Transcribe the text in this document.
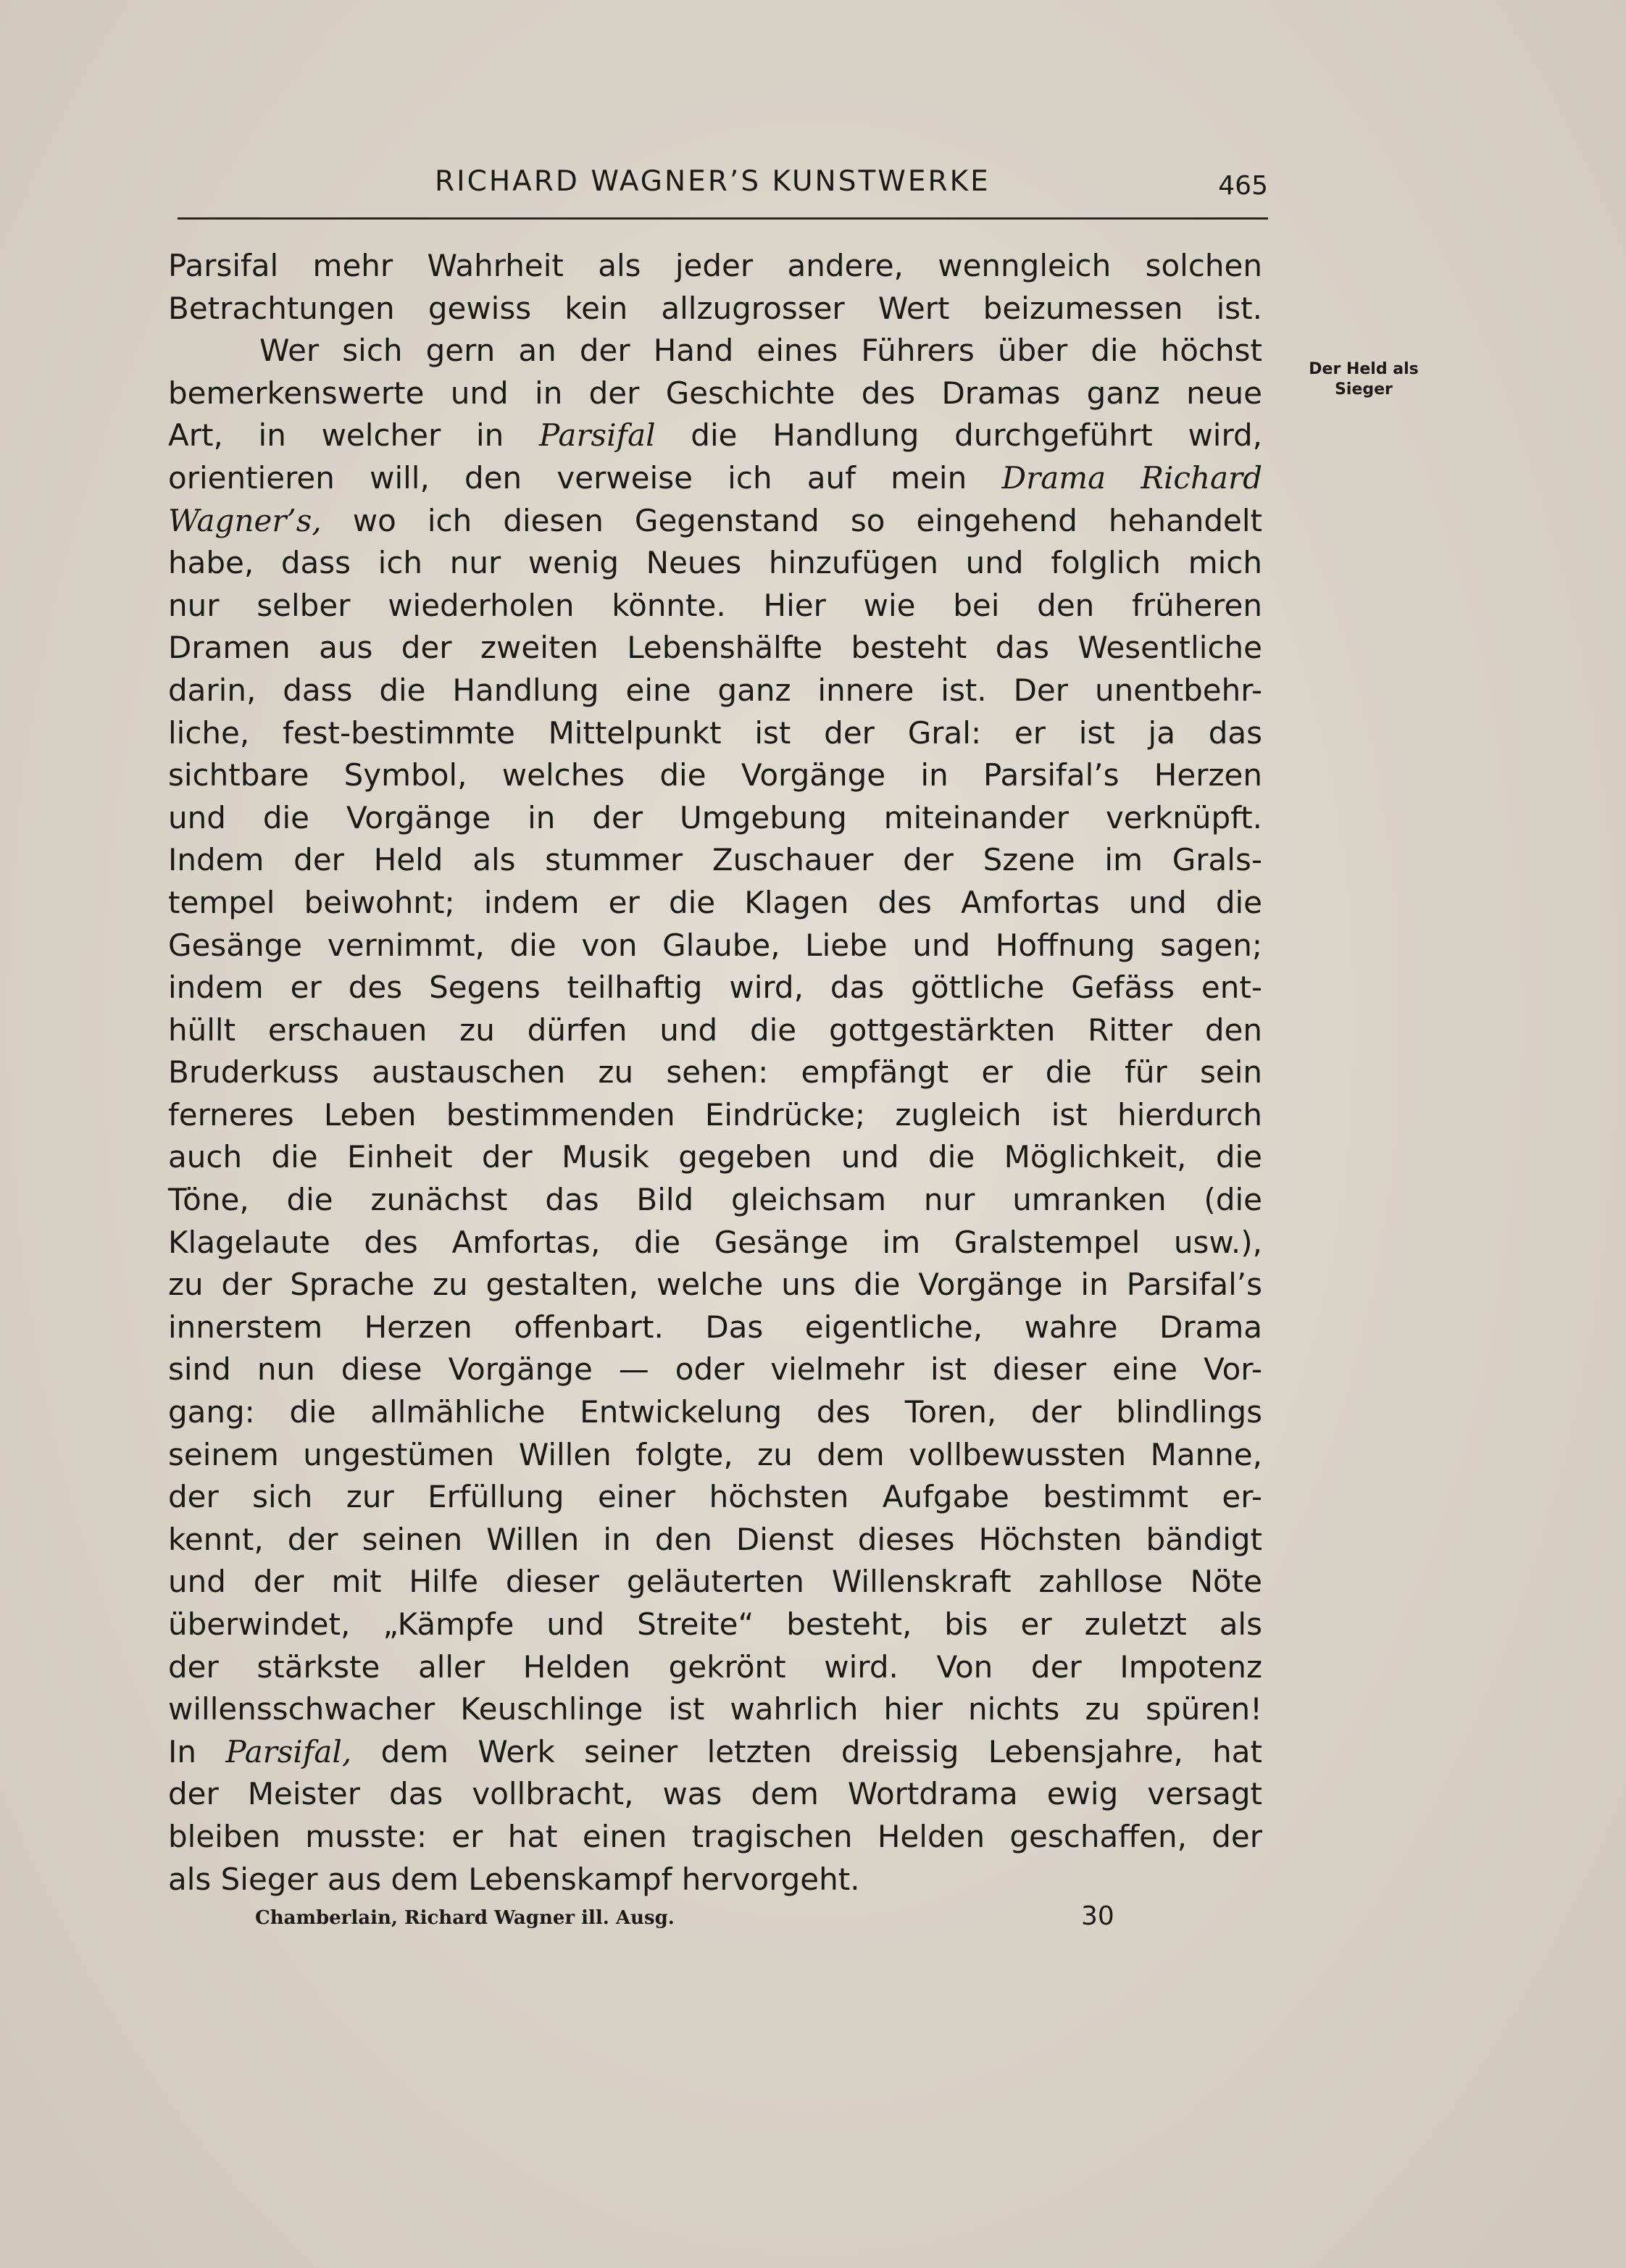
RICHARD WAGNER’S KUNSTWERKE	465
Der Held als
Sieger
Parsifal mehr Wahrheit als jeder andere, wenngleich solchen
Betrachtungen gewiss kein allzugrosser Wert beizumessen ist.
Wer sich gern an der Hand eines Führers über die höchst
bemerkenswerte und in der Geschichte des Dramas ganz neue
Art, in welcher in Parsifal die Handlung durchgeführt wird,
orientieren will, den verweise ich auf mein Drama Richard
Wagner’s, wo ich diesen Gegenstand so eingehend hehandelt
habe, dass ich nur wenig Neues hinzufügen und folglich mich
nur selber wiederholen könnte. Hier wie bei den früheren
Dramen aus der zweiten Lebenshälfte besteht das Wesentliche
darin, dass die Handlung eine ganz innere ist. Der unentbehr-
liche, fest-bestimmte Mittelpunkt ist der Gral: er ist ja das
sichtbare Symbol, welches die Vorgänge in Parsifal’s Herzen
und die Vorgänge in der Umgebung miteinander verknüpft.
Indem der Held als stummer Zuschauer der Szene im Grals-
tempel beiwohnt; indem er die Klagen des Amfortas und die
Gesänge vernimmt, die von Glaube, Liebe und Hoffnung sagen;
indem er des Segens teilhaftig wird, das göttliche Gefäss ent-
hüllt erschauen zu dürfen und die gottgestärkten Ritter den
Bruderkuss austauschen zu sehen: empfängt er die für sein
ferneres Leben bestimmenden Eindrücke; zugleich ist hierdurch
auch die Einheit der Musik gegeben und die Möglichkeit, die
Töne, die zunächst das Bild gleichsam nur umranken (die
Klagelaute des Amfortas, die Gesänge im Gralstempel usw.),
zu der Sprache zu gestalten, welche uns die Vorgänge in Parsifal’s
innerstem Herzen offenbart. Das eigentliche, wahre Drama
sind nun diese Vorgänge — oder vielmehr ist dieser eine Vor-
gang: die allmähliche Entwickelung des Toren, der blindlings
seinem ungestümen Willen folgte, zu dem vollbewussten Manne,
der sich zur Erfüllung einer höchsten Aufgabe bestimmt er-
kennt, der seinen Willen in den Dienst dieses Höchsten bändigt
und der mit Hilfe dieser geläuterten Willenskraft zahllose Nöte
überwindet, „Kämpfe und Streite“ besteht, bis er zuletzt als
der stärkste aller Helden gekrönt wird. Von der Impotenz
willensschwacher Keuschlinge ist wahrlich hier nichts zu spüren!
In Parsifal, dem Werk seiner letzten dreissig Lebensjahre, hat
der Meister das vollbracht, was dem Wortdrama ewig versagt
bleiben musste: er hat einen tragischen Helden geschaffen, der
als Sieger aus dem Lebenskampf hervorgeht.
Chamberlain, Richard Wagner ill. Ausg.	30
